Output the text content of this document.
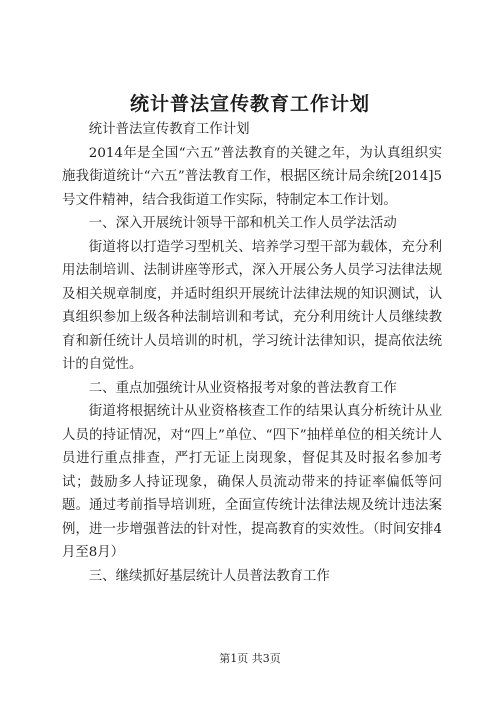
统计普法宣传教育工作计划

统计普法宣传教育工作计划

2014年是全国“六五”普法教育的关键之年，为认真组织实施我街道统计“六五”普法教育工作，根据区统计局余统[2014]5号文件精神，结合我街道工作实际，特制定本工作计划。

一、深入开展统计领导干部和机关工作人员学法活动

街道将以打造学习型机关、培养学习型干部为载体，充分利用法制培训、法制讲座等形式，深入开展公务人员学习法律法规及相关规章制度，并适时组织开展统计法律法规的知识测试，认真组织参加上级各种法制培训和考试，充分利用统计人员继续教育和新任统计人员培训的时机，学习统计法律知识，提高依法统计的自觉性。

二、重点加强统计从业资格报考对象的普法教育工作

街道将根据统计从业资格核查工作的结果认真分析统计从业人员的持证情况，对“四上”单位、“四下”抽样单位的相关统计人员进行重点排查，严打无证上岗现象，督促其及时报名参加考试；鼓励多人持证现象，确保人员流动带来的持证率偏低等问题。通过考前指导培训班，全面宣传统计法律法规及统计违法案例，进一步增强普法的针对性，提高教育的实效性。（时间安排4月至8月）

三、继续抓好基层统计人员普法教育工作

第1页 共3页
